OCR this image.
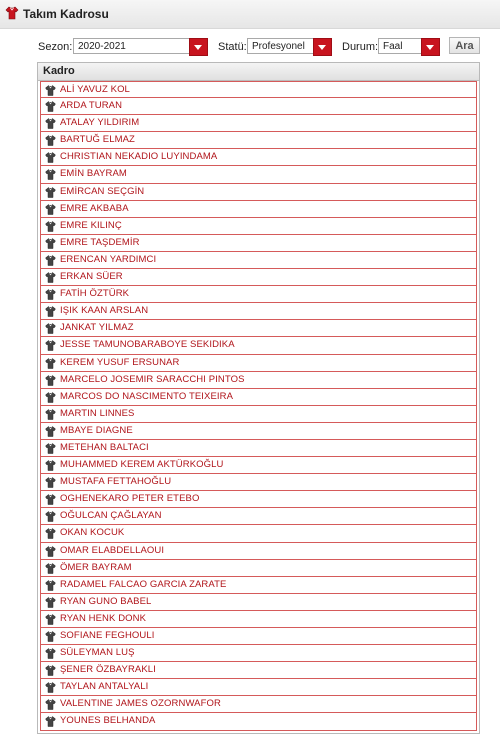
Takım Kadrosu
Sezon: 2020-2021	Statü: Profesyonel	Durum: Faal	Ara
Kadro
ALİ YAVUZ KOL
ARDA TURAN
ATALAY YILDIRIM
BARTUĞ ELMAZ
CHRISTIAN NEKADIO LUYINDAMA
EMİN BAYRAM
EMİRCAN SEÇGİN
EMRE AKBABA
EMRE KILINÇ
EMRE TAŞDEMİR
ERENCAN YARDIMCI
ERKAN SÜER
FATİH ÖZTÜRK
IŞIK KAAN ARSLAN
JANKAT YILMAZ
JESSE TAMUNOBARABOYE SEKIDIKA
KEREM YUSUF ERSUNAR
MARCELO JOSEMIR SARACCHI PINTOS
MARCOS DO NASCIMENTO TEIXEIRA
MARTIN LINNES
MBAYE DIAGNE
METEHAN BALTACI
MUHAMMED KEREM AKTÜRKOĞLU
MUSTAFA FETTAHOĞLU
OGHENEKARO PETER ETEBO
OĞULCAN ÇAĞLAYAN
OKAN KOCUK
OMAR ELABDELLAOUI
ÖMER BAYRAM
RADAMEL FALCAO GARCIA ZARATE
RYAN GUNO BABEL
RYAN HENK DONK
SOFIANE FEGHOULI
SÜLEYMAN LUŞ
ŞENER ÖZBAYRAKLI
TAYLAN ANTALYALI
VALENTINE JAMES OZORNWAFOR
YOUNES BELHANDA
